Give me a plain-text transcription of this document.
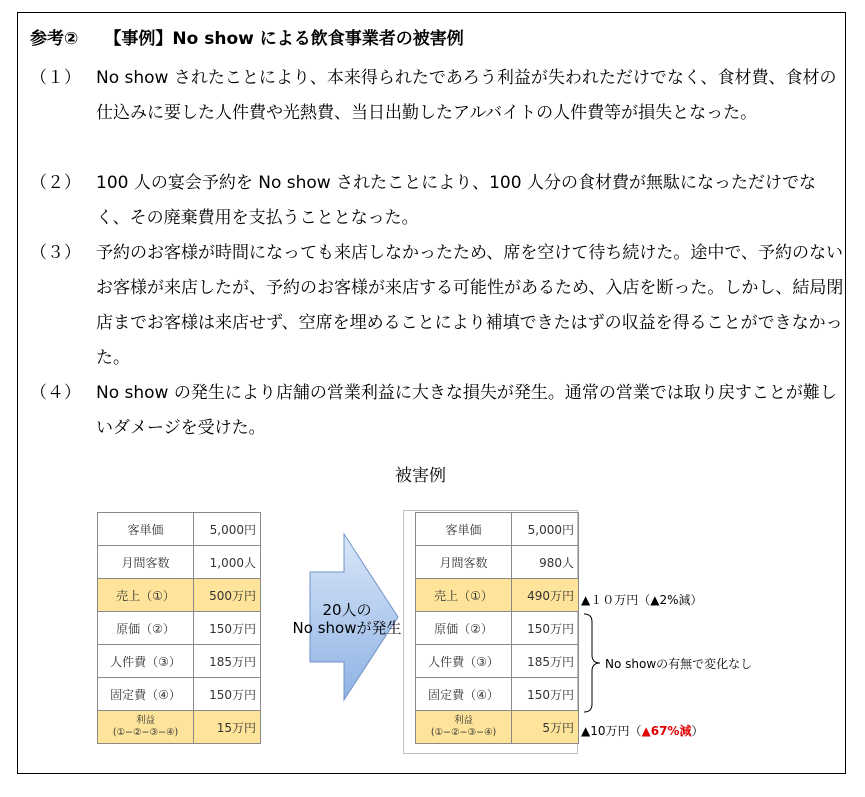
参考② 【事例】No show による飲食事業者の被害例
（１） No show されたことにより、本来得られたであろう利益が失われただけでなく、食材費、食材の仕込みに要した人件費や光熱費、当日出勤したアルバイトの人件費等が損失となった。
（２） 100 人の宴会予約を No show されたことにより、100 人分の食材費が無駄になっただけでなく、その廃棄費用を支払うこととなった。
（３） 予約のお客様が時間になっても来店しなかったため、席を空けて待ち続けた。途中で、予約のないお客様が来店したが、予約のお客様が来店する可能性があるため、入店を断った。しかし、結局閉店までお客様は来店せず、空席を埋めることにより補填できたはずの収益を得ることができなかった。
（４） No show の発生により店舗の営業利益に大きな損失が発生。通常の営業では取り戻すことが難しいダメージを受けた。
被害例
客単価	5,000円
月間客数	1,000人
売上（①）	500万円
原価（②）	150万円
人件費（③）	185万円
固定費（④）	150万円

利益
(①−②−③−④)	15万円
20人の
No showが発生
客単価	5,000円
月間客数	980人
売上（①）	490万円
原価（②）	150万円
人件費（③）	185万円
固定費（④）	150万円

利益
(①−②−③−④)	5万円
▲１０万円（▲2%減）
No showの有無で変化なし
▲10万円（▲67%減）
